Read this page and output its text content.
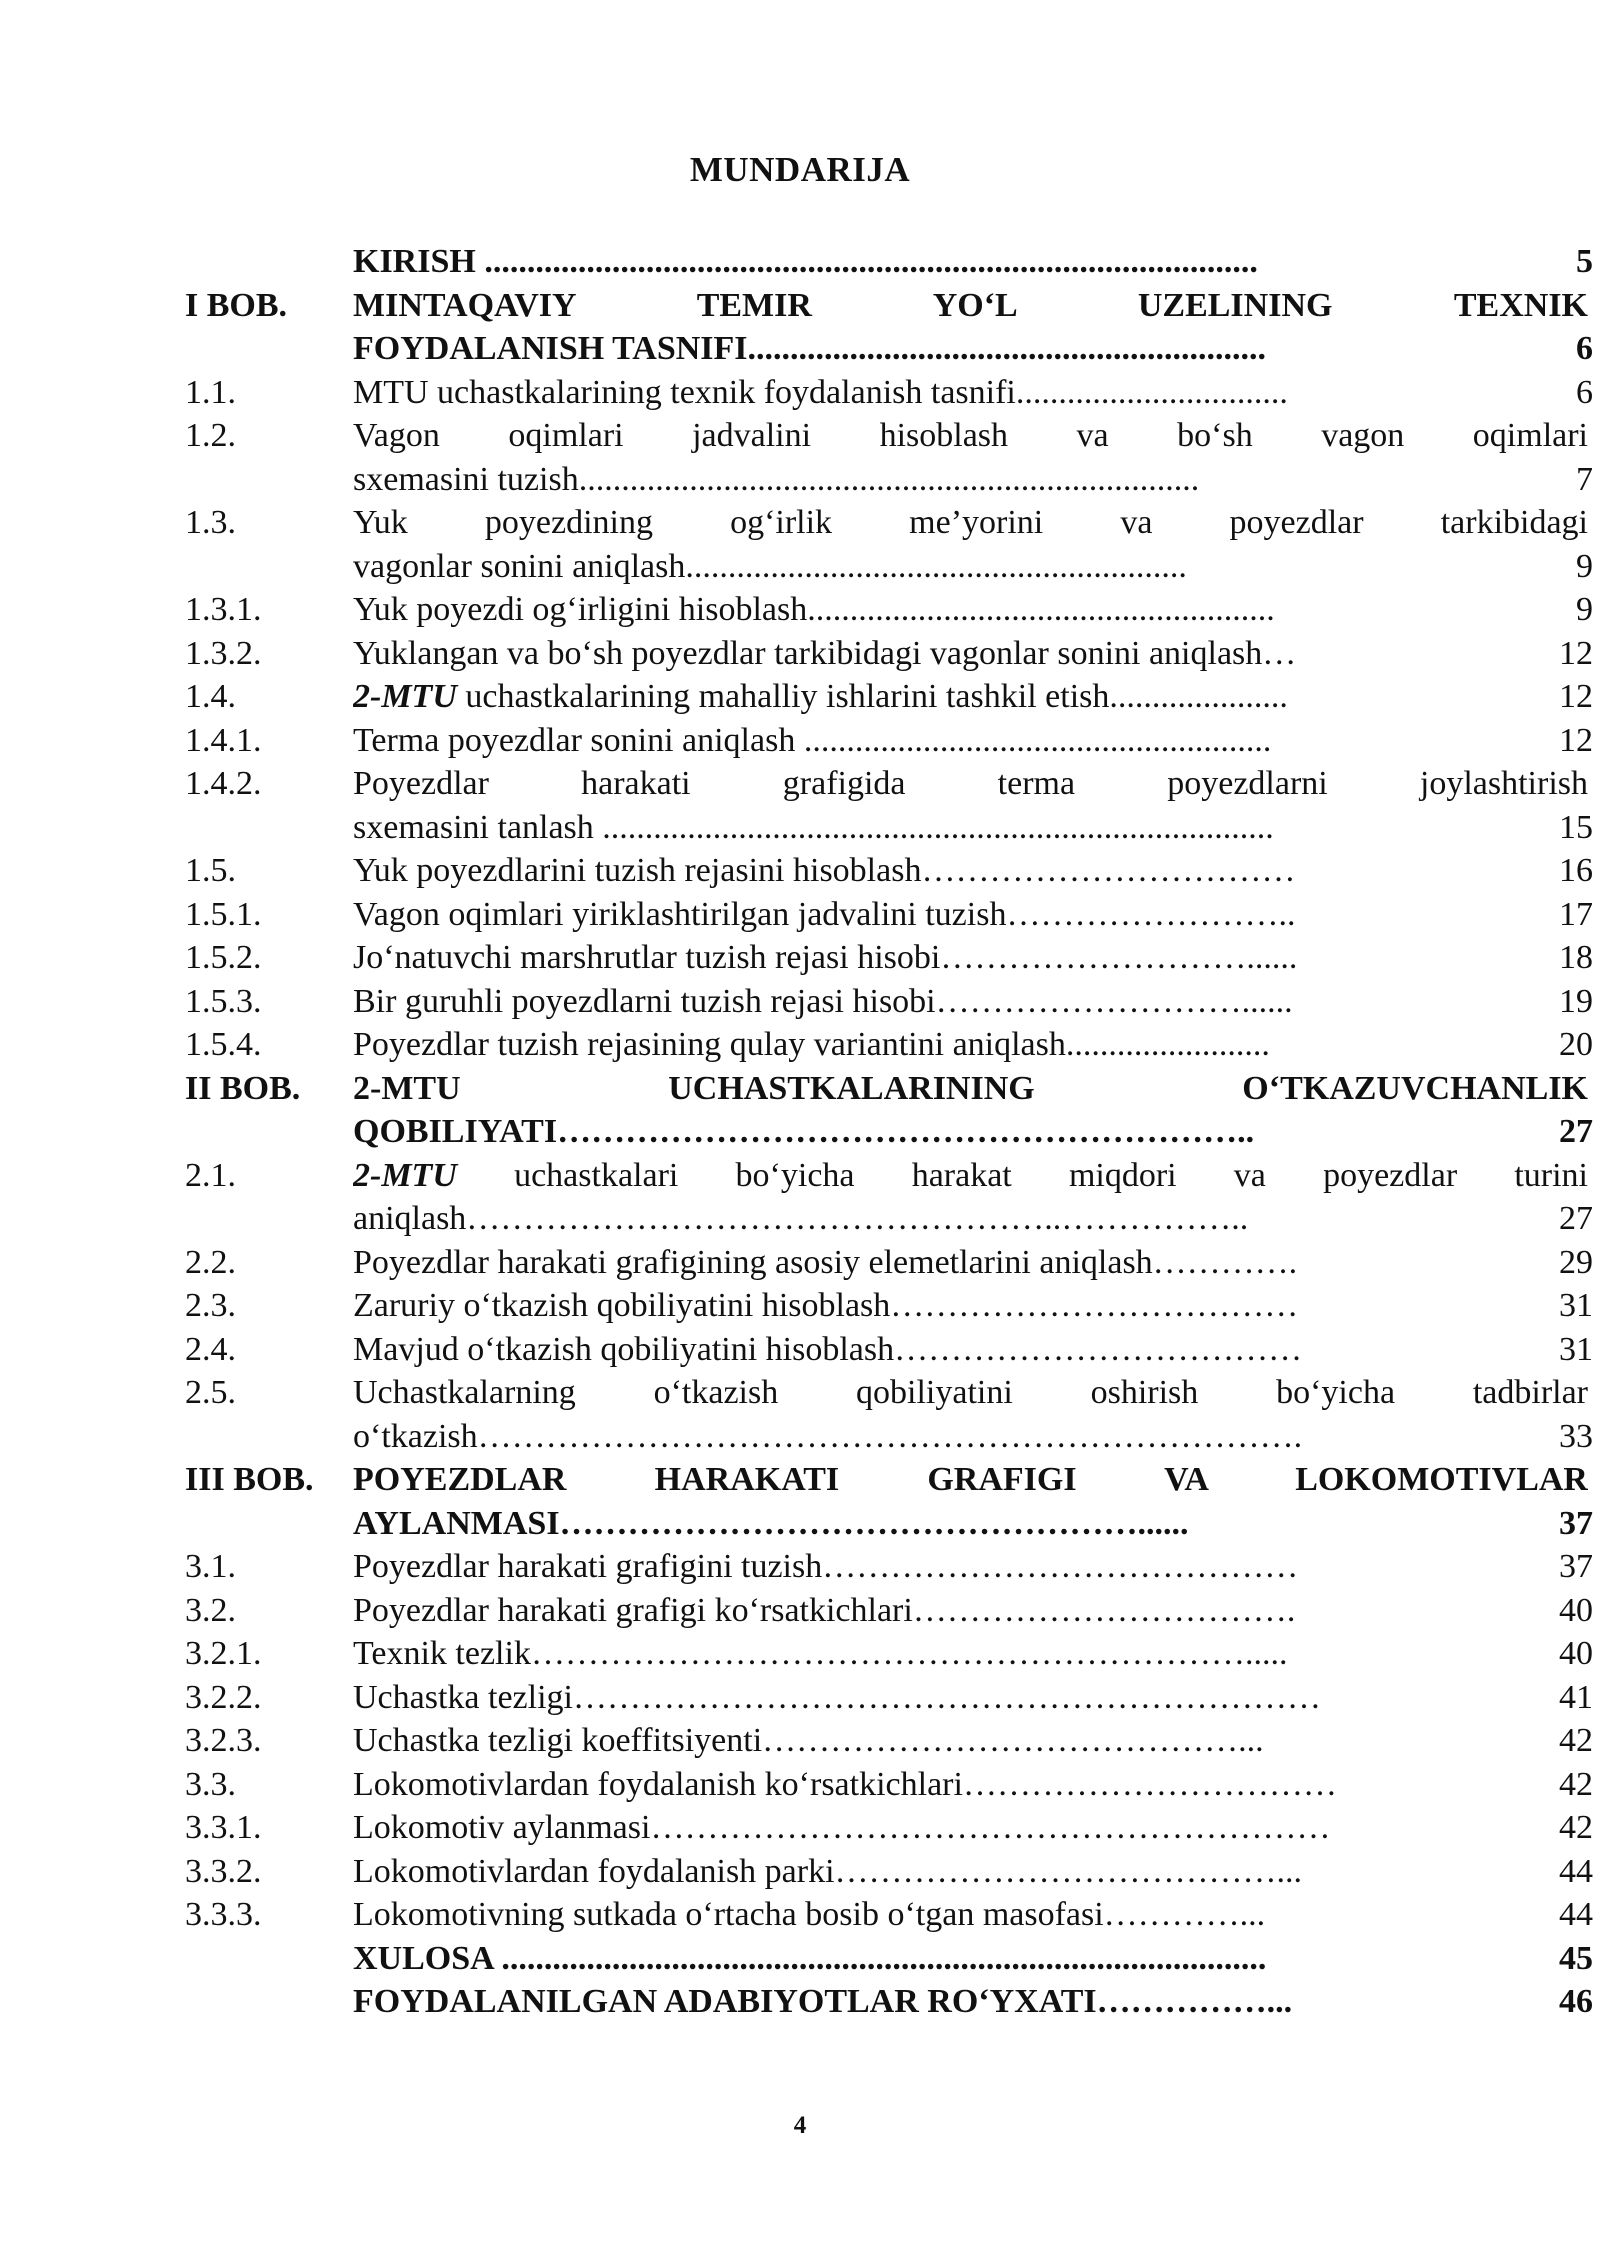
MUNDARIJA
KIRISH ...........................................................................................	5
I BOB. MINTAQAVIY TEMIR YO‘L UZELINING TEXNIK
FOYDALANISH TASNIFI.............................................................	6
1.1.	MTU uchastkalarining texnik foydalanish tasnifi................................	6
1.2.	Vagon oqimlari jadvalini hisoblash va bo‘sh vagon oqimlari
sxemasini tuzish.........................................................................	7
1.3.	Yuk poyezdining og‘irlik me’yorini va poyezdlar tarkibidagi
vagonlar sonini aniqlash...........................................................	9
1.3.1.	Yuk poyezdi og‘irligini hisoblash.......................................................	9
1.3.2.	Yuklangan va bo‘sh poyezdlar tarkibidagi vagonlar sonini aniqlash…	12
1.4.	2-MTU uchastkalarining mahalliy ishlarini tashkil etish.....................	12
1.4.1.	Terma poyezdlar sonini aniqlash .......................................................	12
1.4.2.	Poyezdlar harakati grafigida terma poyezdlarni joylashtirish
sxemasini tanlash ...............................................................................	15
1.5.	Yuk poyezdlarini tuzish rejasini hisoblash……………………………	16
1.5.1.	Vagon oqimlari yiriklashtirilgan jadvalini tuzish……………………..	17
1.5.2.	Jo‘natuvchi marshrutlar tuzish rejasi hisobi………………………......	18
1.5.3.	Bir guruhli poyezdlarni tuzish rejasi hisobi………………………......	19
1.5.4.	Poyezdlar tuzish rejasining qulay variantini aniqlash........................	20
II BOB. 2-MTU UCHASTKALARINING O‘TKAZUVCHANLIK
QOBILIYATI……………………………………………………..	27
2.1.	2-MTU uchastkalari bo‘yicha harakat miqdori va poyezdlar turini
aniqlash……………………………………………..……………..	27
2.2.	Poyezdlar harakati grafigining asosiy elemetlarini aniqlash………….	29
2.3.	Zaruriy o‘tkazish qobiliyatini hisoblash………………………………	31
2.4.	Mavjud o‘tkazish qobiliyatini hisoblash………………………………	31
2.5.	Uchastkalarning o‘tkazish qobiliyatini oshirish bo‘yicha tadbirlar
o‘tkazish……………………………………………………………….	33
III BOB. POYEZDLAR HARAKATI GRAFIGI VA LOKOMOTIVLAR
AYLANMASI……………………………………………......	37
3.1.	Poyezdlar harakati grafigini tuzish……………………………………	37
3.2.	Poyezdlar harakati grafigi ko‘rsatkichlari…………………………….	40
3.2.1.	Texnik tezlik……………………………………………………….....	40
3.2.2.	Uchastka tezligi…………………………………………………………	41
3.2.3.	Uchastka tezligi koeffitsiyenti……………………………………...	42
3.3.	Lokomotivlardan foydalanish ko‘rsatkichlari……………………………	42
3.3.1.	Lokomotiv aylanmasi……………………………………………………	42
3.3.2.	Lokomotivlardan foydalanish parki…………………………………...	44
3.3.3.	Lokomotivning sutkada o‘rtacha bosib o‘tgan masofasi…………...	44
XULOSA ..........................................................................................	45
FOYDALANILGAN ADABIYOTLAR RO‘YXATI……………...	46
4
